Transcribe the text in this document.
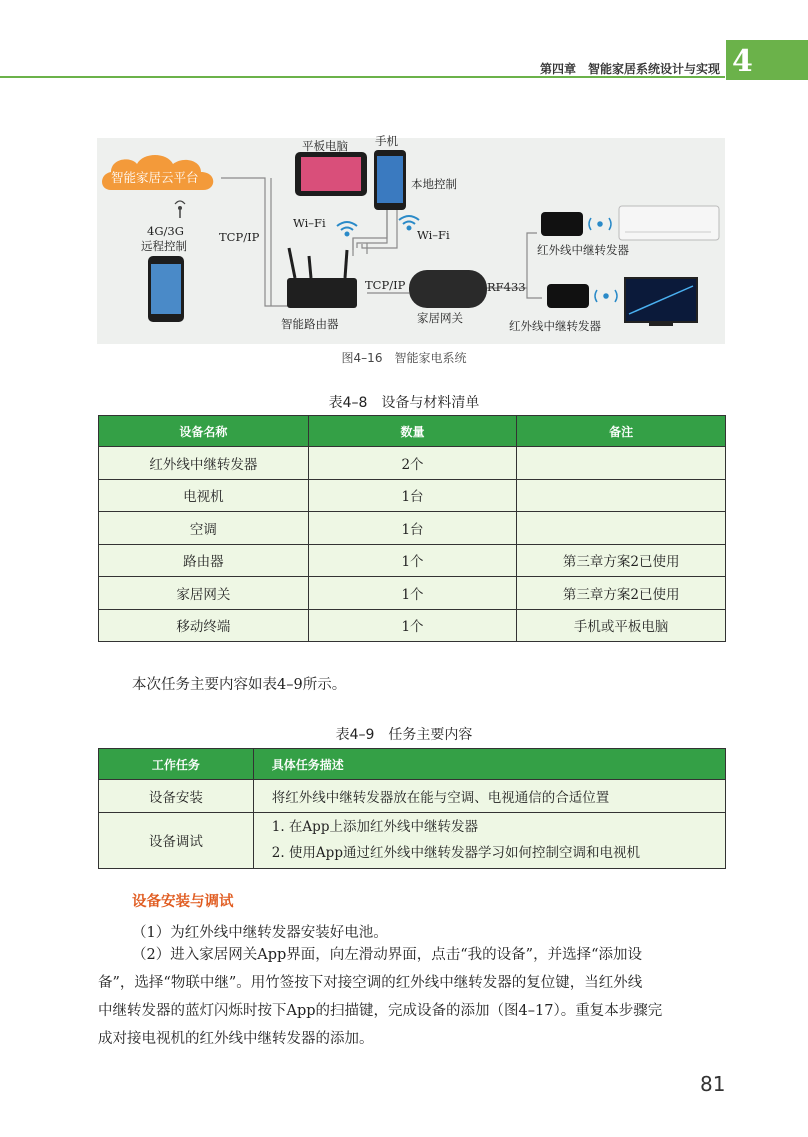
第四章　智能家居系统设计与实现 4
智能家居云平台
平板电脑 手机
本地控制
Wi–Fi
Wi–Fi
4G/3G
远程控制
TCP/IP
TCP/IP	RF433
智能路由器	家居网关
红外线中继转发器
红外线中继转发器
图4–16　智能家电系统
表4–8　设备与材料清单
设备名称	数量	备注
红外线中继转发器	2个	
电视机	1台	
空调	1台	
路由器	1个	第三章方案2已使用
家居网关	1个	第三章方案2已使用
移动终端	1个	手机或平板电脑
本次任务主要内容如表4–9所示。
表4–9　任务主要内容
工作任务	具体任务描述
设备安装	将红外线中继转发器放在能与空调、电视通信的合适位置
设备调试	1. 在App上添加红外线中继转发器
2. 使用App通过红外线中继转发器学习如何控制空调和电视机
设备安装与调试
（1）为红外线中继转发器安装好电池。
（2）进入家居网关App界面，向左滑动界面，点击“我的设备”，并选择“添加设
备”，选择“物联中继”。用竹签按下对接空调的红外线中继转发器的复位键，当红外线
中继转发器的蓝灯闪烁时按下App的扫描键，完成设备的添加（图4–17）。重复本步骤完
成对接电视机的红外线中继转发器的添加。
81
